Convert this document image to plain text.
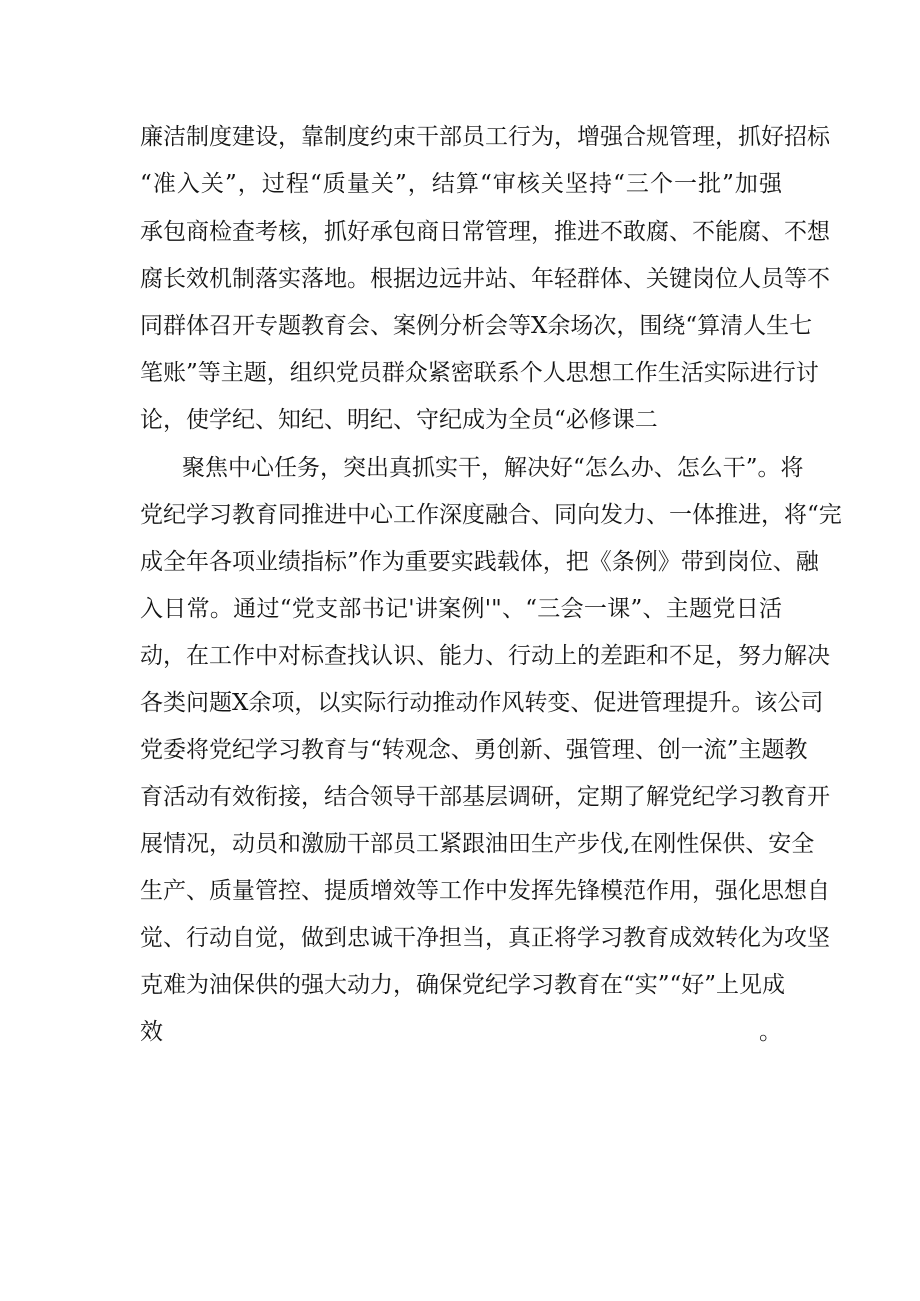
廉洁制度建设，靠制度约束干部员工行为，增强合规管理，抓好招标

“准入关”，过程“质量关”，结算“审核关坚持“三个一批”加强

承包商检査考核，抓好承包商日常管理，推进不敢腐、不能腐、不想

腐长效机制落实落地。根据边远井站、年轻群体、关键岗位人员等不

同群体召开专题教育会、案例分析会等X余场次，围绕“算清人生七

笔账”等主题，组织党员群众紧密联系个人思想工作生活实际进行讨

论，使学纪、知纪、明纪、守纪成为全员“必修课二

聚焦中心任务，突出真抓实干，解决好“怎么办、怎么干”。将

党纪学习教育同推进中心工作深度融合、同向发力、一体推进，将“完

成全年各项业绩指标”作为重要实践载体，把《条例》带到岗位、融

入日常。通过“党支部书记'讲案例'"、“三会一课”、主题党日活

动，在工作中对标查找认识、能力、行动上的差距和不足，努力解决

各类问题X余项，以实际行动推动作风转变、促进管理提升。该公司

党委将党纪学习教育与“转观念、勇创新、强管理、创一流”主题教

育活动有效衔接，结合领导干部基层调研，定期了解党纪学习教育开

展情况，动员和激励干部员工紧跟油田生产步伐,在刚性保供、安全

生产、质量管控、提质增效等工作中发挥先锋模范作用，强化思想自

觉、行动自觉，做到忠诚干净担当，真正将学习教育成效转化为攻坚

克难为油保供的强大动力，确保党纪学习教育在“实”“好”上见成

效。
